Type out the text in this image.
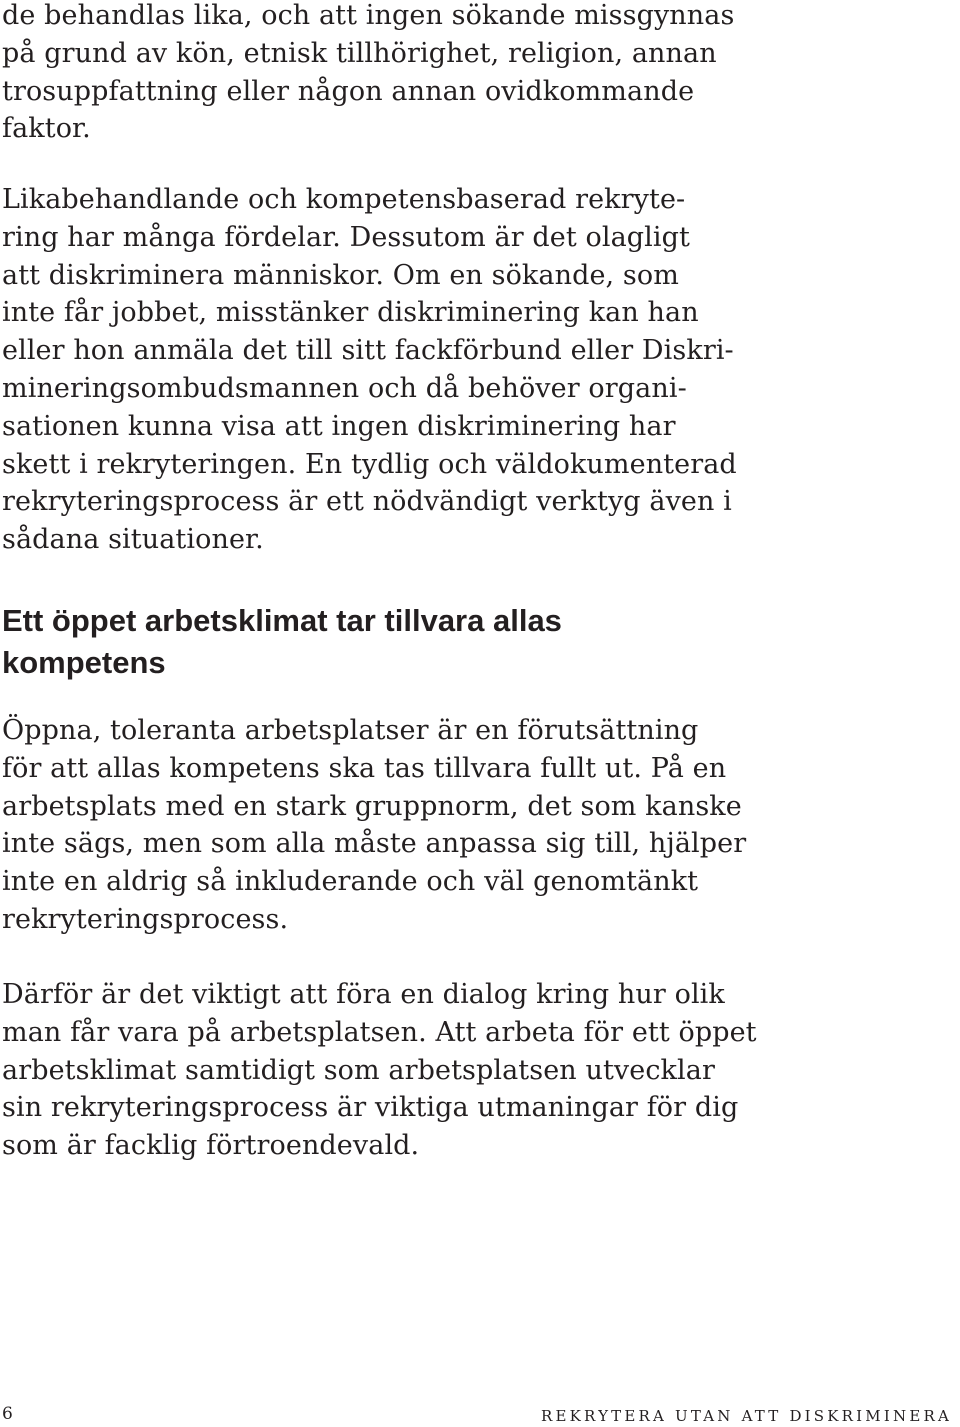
de behandlas lika, och att ingen sökande missgynnas
på grund av kön, etnisk tillhörighet, religion, annan
trosuppfattning eller någon annan ovidkommande
faktor.
Likabehandlande och kompetensbaserad rekryte-
ring har många fördelar. Dessutom är det olagligt
att diskriminera människor. Om en sökande, som
inte får jobbet, misstänker diskriminering kan han
eller hon anmäla det till sitt fackförbund eller Diskri-
mineringsombudsmannen och då behöver organi-
sationen kunna visa att ingen diskriminering har
skett i rekryteringen. En tydlig och väldokumenterad
rekryteringsprocess är ett nödvändigt verktyg även i
sådana situationer.
Ett öppet arbetsklimat tar tillvara allas
kompetens
Öppna, toleranta arbetsplatser är en förutsättning
för att allas kompetens ska tas tillvara fullt ut. På en
arbetsplats med en stark gruppnorm, det som kanske
inte sägs, men som alla måste anpassa sig till, hjälper
inte en aldrig så inkluderande och väl genomtänkt
rekryteringsprocess.
Därför är det viktigt att föra en dialog kring hur olik
man får vara på arbetsplatsen. Att arbeta för ett öppet
arbetsklimat samtidigt som arbetsplatsen utvecklar
sin rekryteringsprocess är viktiga utmaningar för dig
som är facklig förtroendevald.
6	REKRYTERA UTAN ATT DISKRIMINERA
